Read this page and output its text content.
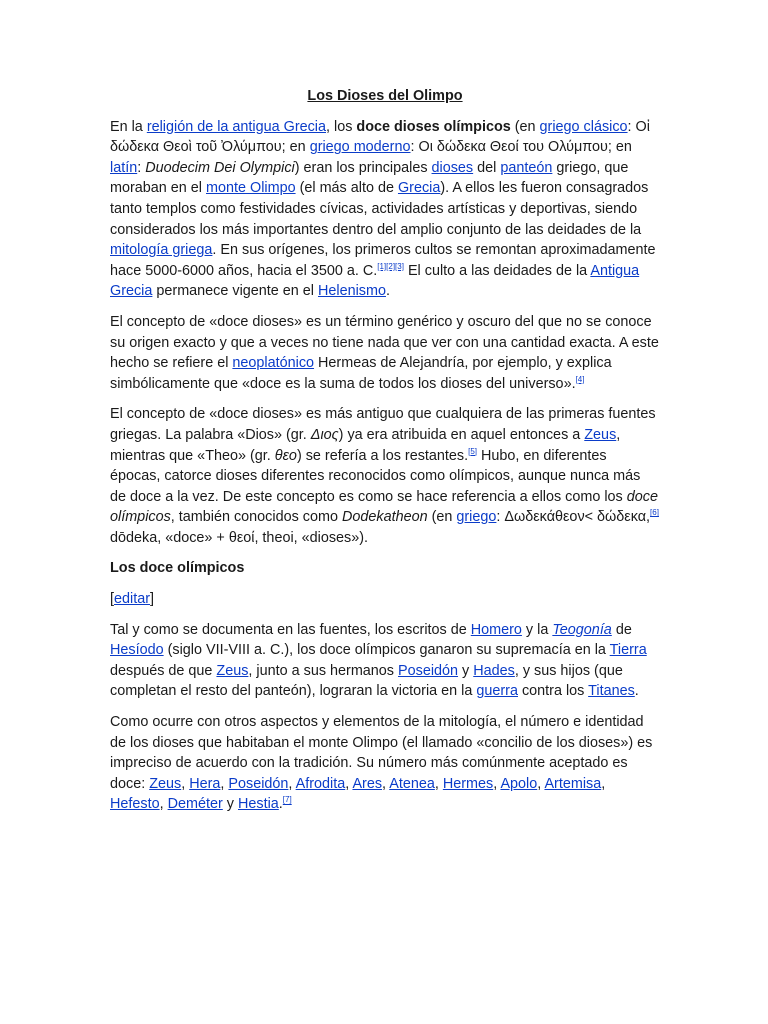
Los Dioses del Olimpo

En la religión de la antigua Grecia, los doce dioses olímpicos (en griego clásico: Οἱ δώδεκα Θεοὶ τοῦ Ὀλύμπου; en griego moderno: Οι δώδεκα Θεοί του Ολύμπου; en latín: Duodecim Dei Olympici) eran los principales dioses del panteón griego, que moraban en el monte Olimpo (el más alto de Grecia). A ellos les fueron consagrados tanto templos como festividades cívicas, actividades artísticas y deportivas, siendo considerados los más importantes dentro del amplio conjunto de las deidades de la mitología griega. En sus orígenes, los primeros cultos se remontan aproximadamente hace 5000-6000 años, hacia el 3500 a. C.[1][2][3] El culto a las deidades de la Antigua Grecia permanece vigente en el Helenismo.

El concepto de «doce dioses» es un término genérico y oscuro del que no se conoce su origen exacto y que a veces no tiene nada que ver con una cantidad exacta. A este hecho se refiere el neoplatónico Hermeas de Alejandría, por ejemplo, y explica simbólicamente que «doce es la suma de todos los dioses del universo».[4]

El concepto de «doce dioses» es más antiguo que cualquiera de las primeras fuentes griegas. La palabra «Dios» (gr. Διος) ya era atribuida en aquel entonces a Zeus, mientras que «Theo» (gr. θεο) se refería a los restantes.[5] Hubo, en diferentes épocas, catorce dioses diferentes reconocidos como olímpicos, aunque nunca más de doce a la vez. De este concepto es como se hace referencia a ellos como los doce olímpicos, también conocidos como Dodekatheon (en griego: Δωδεκάθεον< δώδεκα,[6] dōdeka, «doce» + θεοί, theoi, «dioses»).

Los doce olímpicos

[editar]

Tal y como se documenta en las fuentes, los escritos de Homero y la Teogonía de Hesíodo (siglo VII-VIII a. C.), los doce olímpicos ganaron su supremacía en la Tierra después de que Zeus, junto a sus hermanos Poseidón y Hades, y sus hijos (que completan el resto del panteón), lograran la victoria en la guerra contra los Titanes.

Como ocurre con otros aspectos y elementos de la mitología, el número e identidad de los dioses que habitaban el monte Olimpo (el llamado «concilio de los dioses») es impreciso de acuerdo con la tradición. Su número más comúnmente aceptado es doce: Zeus, Hera, Poseidón, Afrodita, Ares, Atenea, Hermes, Apolo, Artemisa, Hefesto, Deméter y Hestia.[7]
